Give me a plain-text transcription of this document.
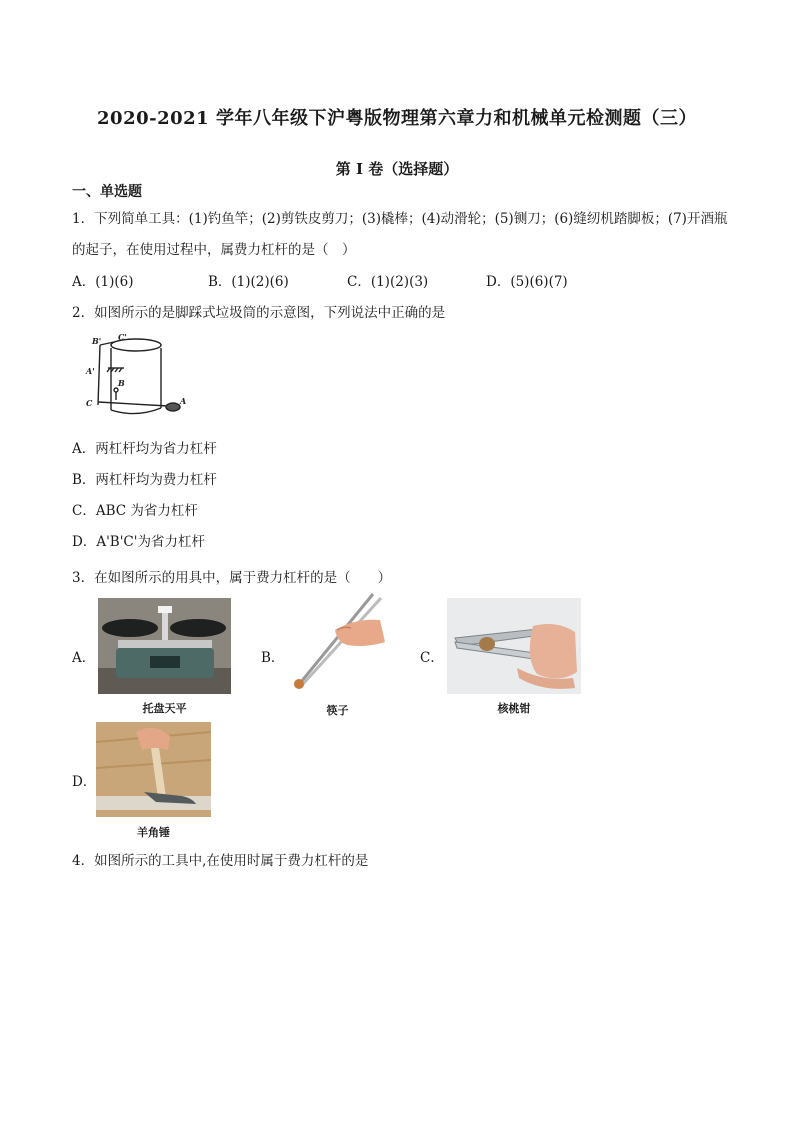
2020-2021 学年八年级下沪粤版物理第六章力和机械单元检测题（三）
第 I 卷（选择题）
一、单选题
1．下列简单工具：(1)钓鱼竿；(2)剪铁皮剪刀；(3)橇棒；(4)动滑轮；(5)铡刀；(6)缝纫机踏脚板；(7)开酒瓶
的起子，在使用过程中，属费力杠杆的是（　）
A．(1)(6)	B．(1)(2)(6)	C．(1)(2)(3)	D．(5)(6)(7)
2．如图所示的是脚踩式垃圾筒的示意图，下列说法中正确的是
B' C'
A'
B
C	A
A．两杠杆均为省力杠杆
B．两杠杆均为费力杠杆
C．ABC 为省力杠杆
D．A'B'C'为省力杠杆
3．在如图所示的用具中，属于费力杠杆的是（　　）
A．
托盘天平
B．
筷子
C．
核桃钳
D．
羊角锤
4．如图所示的工具中,在使用时属于费力杠杆的是
